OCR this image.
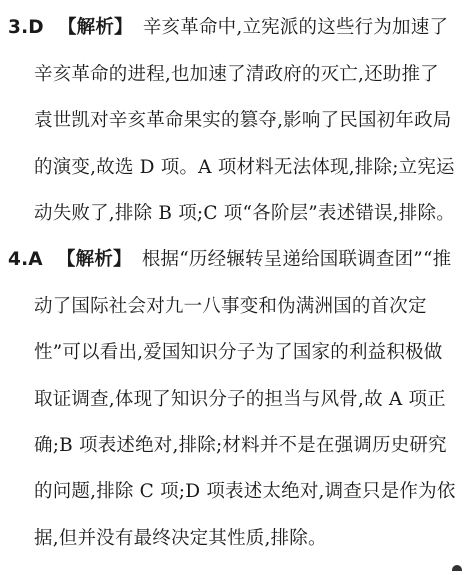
3.D 【解析】 辛亥革命中,立宪派的这些行为加速了
辛亥革命的进程,也加速了清政府的灭亡,还助推了
袁世凯对辛亥革命果实的篡夺,影响了民国初年政局
的演变,故选 D 项。A 项材料无法体现,排除;立宪运
动失败了,排除 B 项;C 项“各阶层”表述错误,排除。
4.A 【解析】 根据“历经辗转呈递给国联调查团”“推
动了国际社会对九一八事变和伪满洲国的首次定
性”可以看出,爱国知识分子为了国家的利益积极做
取证调查,体现了知识分子的担当与风骨,故 A 项正
确;B 项表述绝对,排除;材料并不是在强调历史研究
的问题,排除 C 项;D 项表述太绝对,调查只是作为依
据,但并没有最终决定其性质,排除。
